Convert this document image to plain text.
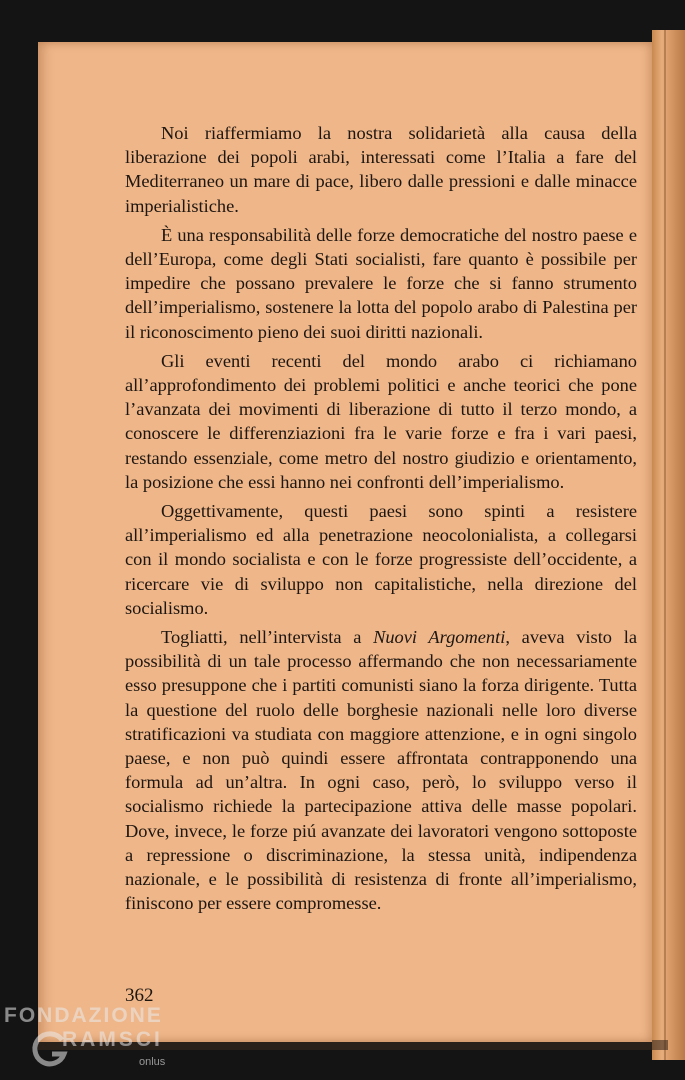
Noi riaffermiamo la nostra solidarietà alla causa della liberazione dei popoli arabi, interessati come l’Italia a fare del Mediterraneo un mare di pace, libero dalle pressioni e dalle minacce imperialistiche.

È una responsabilità delle forze democratiche del nostro paese e dell’Europa, come degli Stati socialisti, fare quanto è possibile per impedire che possano prevalere le forze che si fanno strumento dell’imperialismo, sostenere la lotta del popolo arabo di Palestina per il riconoscimento pieno dei suoi diritti nazionali.

Gli eventi recenti del mondo arabo ci richiamano all’approfondimento dei problemi politici e anche teorici che pone l’avanzata dei movimenti di liberazione di tutto il terzo mondo, a conoscere le differenziazioni fra le varie forze e fra i vari paesi, restando essenziale, come metro del nostro giudizio e orientamento, la posizione che essi hanno nei confronti dell’imperialismo.

Oggettivamente, questi paesi sono spinti a resistere all’imperialismo ed alla penetrazione neocolonialista, a collegarsi con il mondo socialista e con le forze progressiste dell’occidente, a ricercare vie di sviluppo non capitalistiche, nella direzione del socialismo.

Togliatti, nell’intervista a Nuovi Argomenti, aveva visto la possibilità di un tale processo affermando che non necessariamente esso presuppone che i partiti comunisti siano la forza dirigente. Tutta la questione del ruolo delle borghesie nazionali nelle loro diverse stratificazioni va studiata con maggiore attenzione, e in ogni singolo paese, e non può quindi essere affrontata contrapponendo una formula ad un’altra. In ogni caso, però, lo sviluppo verso il socialismo richiede la partecipazione attiva delle masse popolari. Dove, invece, le forze piú avanzate dei lavoratori vengono sottoposte a repressione o discriminazione, la stessa unità, indipendenza nazionale, e le possibilità di resistenza di fronte all’imperialismo, finiscono per essere compromesse.

362
FONDAZIONE
RAMSCI
onlus
